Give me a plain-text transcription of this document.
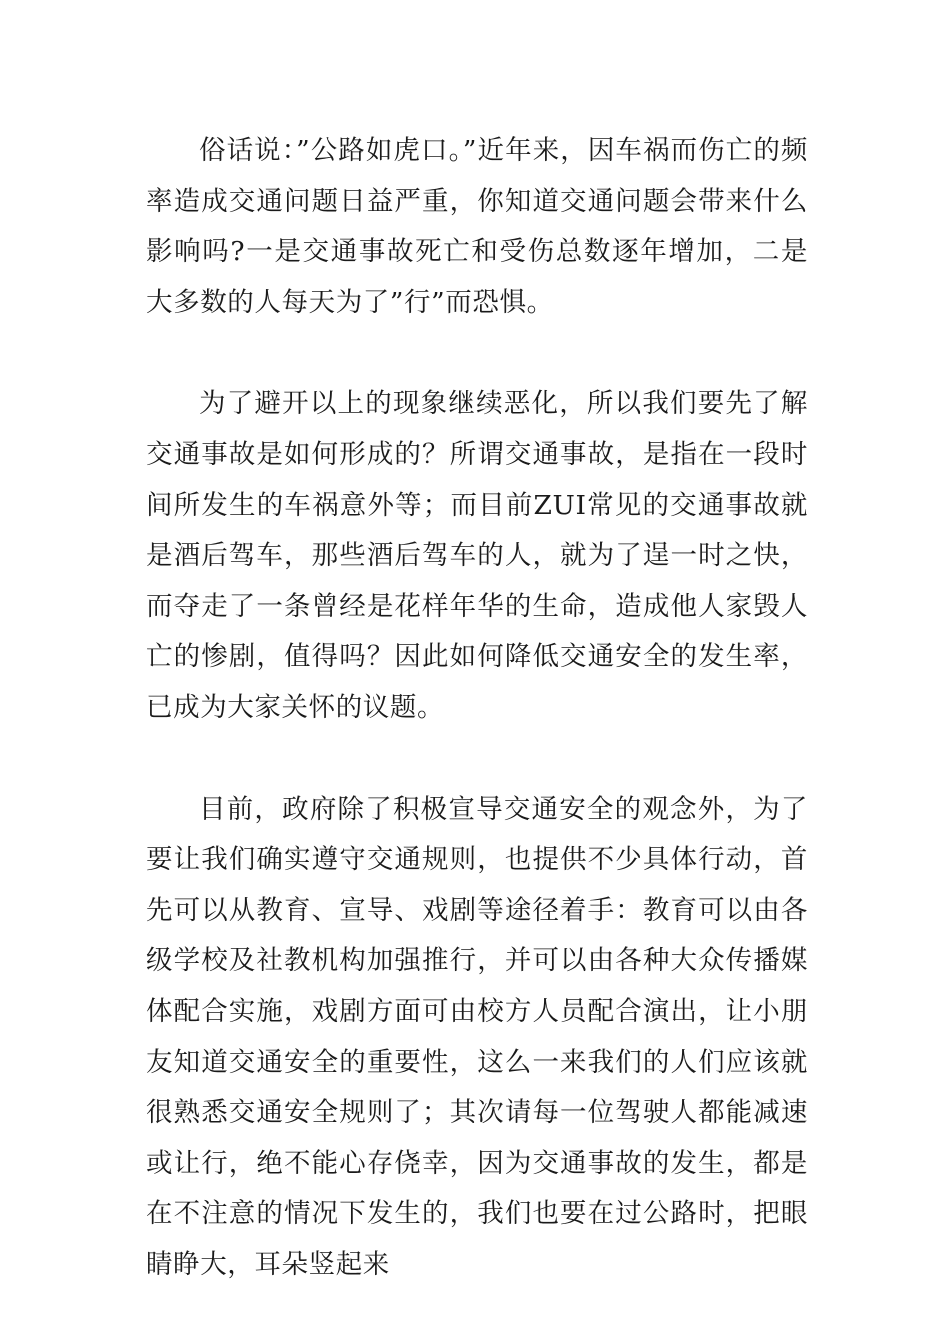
俗话说：”公路如虎口。”近年来，因车祸而伤亡的频率造成交通问题日益严重，你知道交通问题会带来什么影响吗?一是交通事故死亡和受伤总数逐年增加，二是大多数的人每天为了”行”而恐惧。

为了避开以上的现象继续恶化，所以我们要先了解交通事故是如何形成的？所谓交通事故，是指在一段时间所发生的车祸意外等；而目前ZUI常见的交通事故就是酒后驾车，那些酒后驾车的人，就为了逞一时之快，而夺走了一条曾经是花样年华的生命，造成他人家毁人亡的惨剧，值得吗？因此如何降低交通安全的发生率，已成为大家关怀的议题。

目前，政府除了积极宣导交通安全的观念外，为了要让我们确实遵守交通规则，也提供不少具体行动，首先可以从教育、宣导、戏剧等途径着手：教育可以由各级学校及社教机构加强推行，并可以由各种大众传播媒体配合实施，戏剧方面可由校方人员配合演出，让小朋友知道交通安全的重要性，这么一来我们的人们应该就很熟悉交通安全规则了；其次请每一位驾驶人都能减速或让行，绝不能心存侥幸，因为交通事故的发生，都是在不注意的情况下发生的，我们也要在过公路时，把眼睛睁大，耳朵竖起来
